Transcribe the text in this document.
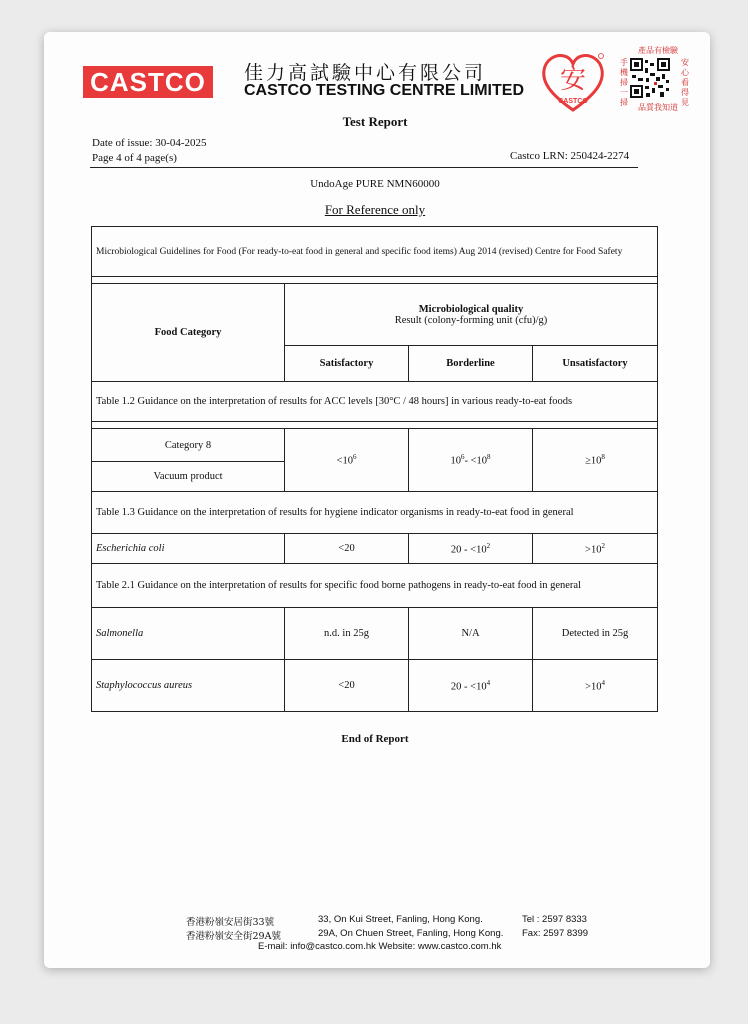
CASTCO	佳力高試驗中心有限公司
CASTCO TESTING CENTRE LIMITED 安
CASTCO
產品有檢驗
手機掃一掃
安心看得見
品質我知道
Test Report
Date of issue: 30-04-2025
Page 4 of 4 page(s)	Castco LRN: 250424-2274
UndoAge PURE NMN60000
For Reference only
Microbiological Guidelines for Food (For ready-to-eat food in general and specific food items) Aug 2014 (revised) Centre for Food Safety			

Food Category	Microbiological quality
Result (colony-forming unit (cfu)/g)		

	Satisfactory	Borderline	Unsatisfactory
Table 1.2 Guidance on the interpretation of results for ACC levels [30°C / 48 hours] in various ready-to-eat foods			

Category 8	$<10^6$	$10^6- <10^8$	$\ge 10^8$
Vacuum product			
Table 1.3 Guidance on the interpretation of results for hygiene indicator organisms in ready-to-eat food in general			
Escherichia coli	<20	$20 - <10^2$	$>10^2$
Table 2.1 Guidance on the interpretation of results for specific food borne pathogens in ready-to-eat food in general			
Salmonella	n.d. in 25g	N/A	Detected in 25g
Staphylococcus aureus	<20	$20 - <10^4$	$>10^4$
End of Report
香港粉嶺安居街33號	33, On Kui Street, Fanling, Hong Kong.	Tel : 2597 8333
香港粉嶺安全街29A號	29A, On Chuen Street, Fanling, Hong Kong. Fax: 2597 8399
E-mail: info@castco.com.hk Website: www.castco.com.hk
